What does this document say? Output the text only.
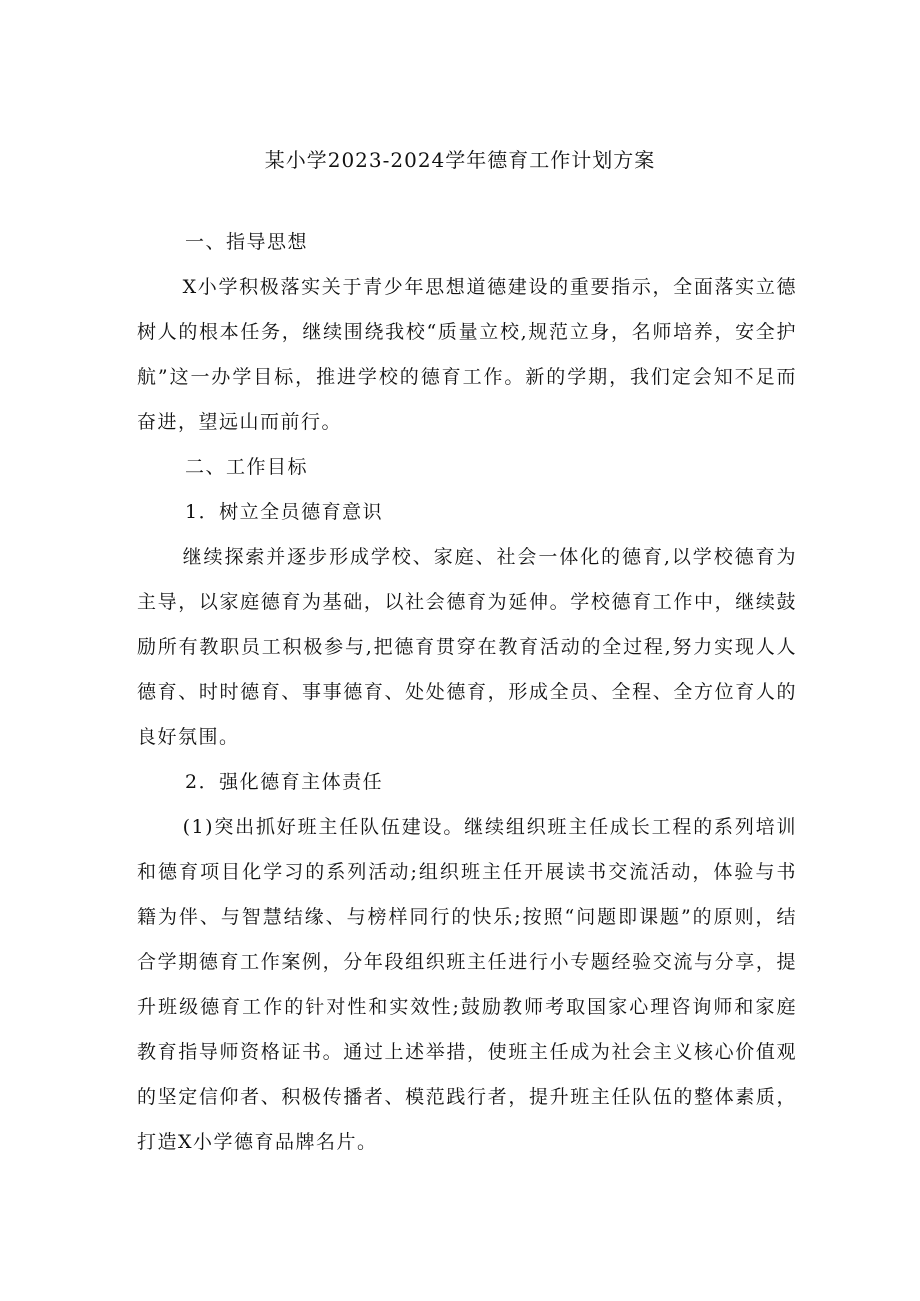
某小学2023-2024学年德育工作计划方案

一、指导思想

X小学积极落实关于青少年思想道德建设的重要指示，全面落实立德树人的根本任务，继续围绕我校“质量立校,规范立身，名师培养，安全护航”这一办学目标，推进学校的德育工作。新的学期，我们定会知不足而奋进，望远山而前行。

二、工作目标

1．树立全员德育意识

继续探索并逐步形成学校、家庭、社会一体化的德育,以学校德育为主导，以家庭德育为基础，以社会德育为延伸。学校德育工作中，继续鼓励所有教职员工积极参与,把德育贯穿在教育活动的全过程,努力实现人人德育、时时德育、事事德育、处处德育，形成全员、全程、全方位育人的良好氛围。

2．强化德育主体责任

(1)突出抓好班主任队伍建设。继续组织班主任成长工程的系列培训和德育项目化学习的系列活动;组织班主任开展读书交流活动，体验与书籍为伴、与智慧结缘、与榜样同行的快乐;按照“问题即课题”的原则，结合学期德育工作案例，分年段组织班主任进行小专题经验交流与分享，提升班级德育工作的针对性和实效性;鼓励教师考取国家心理咨询师和家庭教育指导师资格证书。通过上述举措，使班主任成为社会主义核心价值观的坚定信仰者、积极传播者、模范践行者，提升班主任队伍的整体素质，打造X小学德育品牌名片。
